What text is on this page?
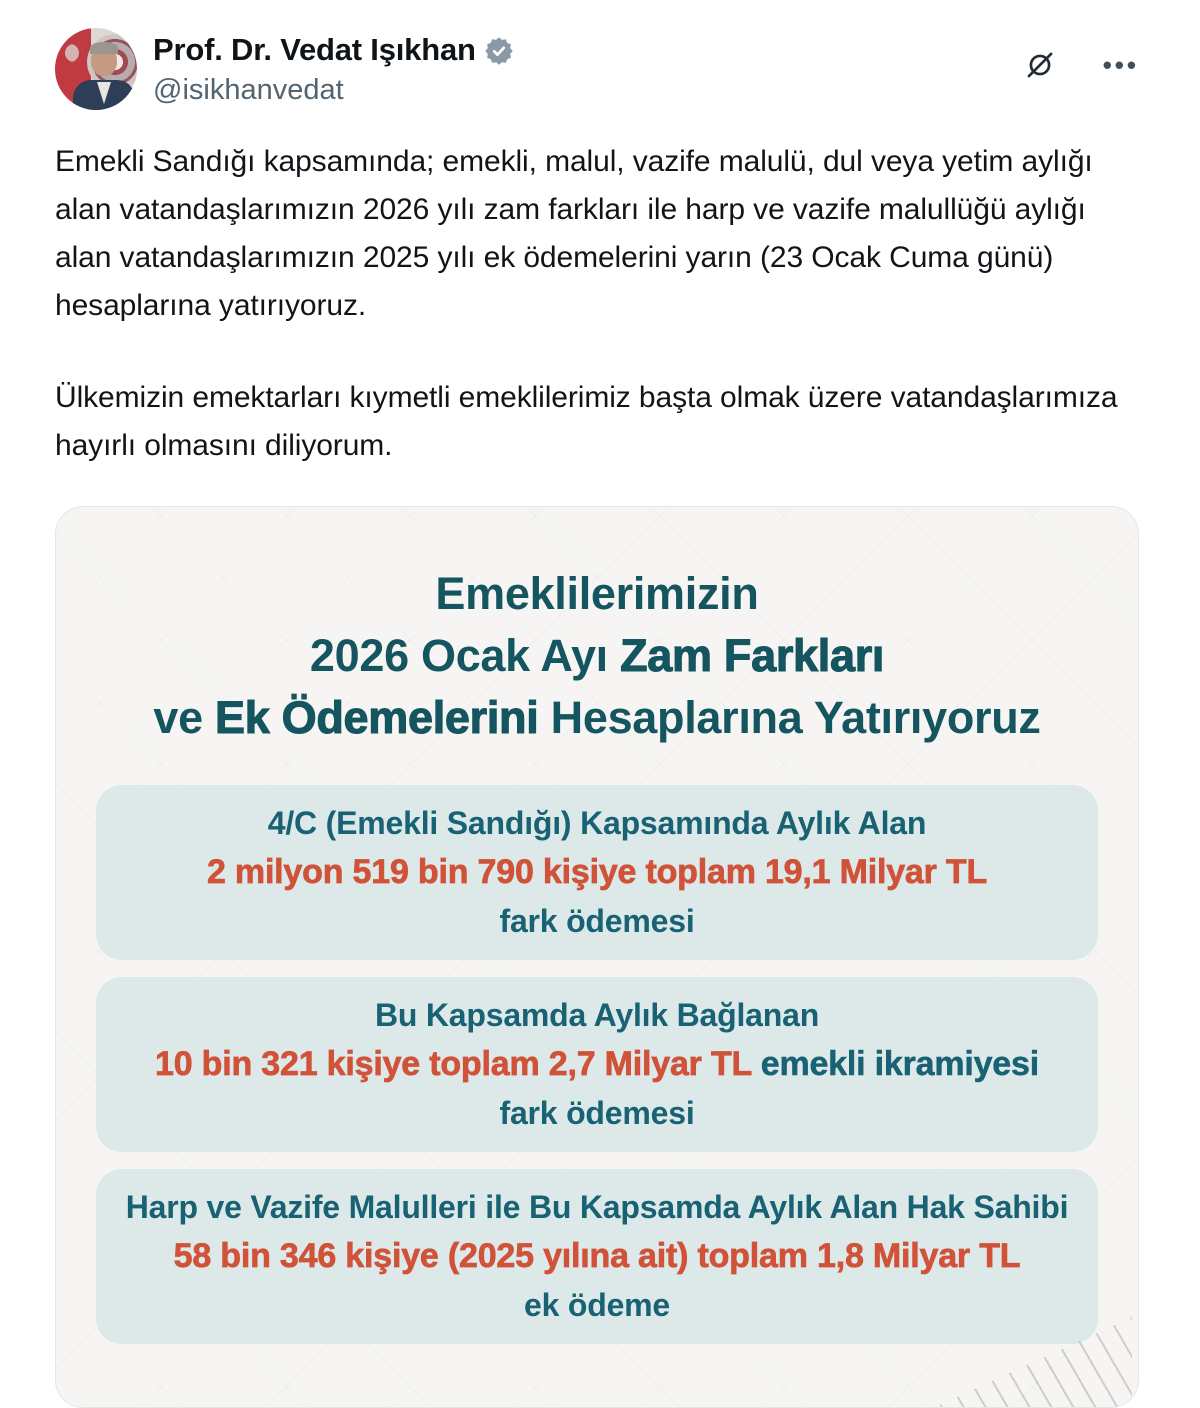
Prof. Dr. Vedat Işıkhan
@isikhanvedat
•••

Emekli Sandığı kapsamında; emekli, malul, vazife malulü, dul veya yetim aylığı alan vatandaşlarımızın 2026 yılı zam farkları ile harp ve vazife malullüğü aylığı alan vatandaşlarımızın 2025 yılı ek ödemelerini yarın (23 Ocak Cuma günü) hesaplarına yatırıyoruz.

Ülkemizin emektarları kıymetli emeklilerimiz başta olmak üzere vatandaşlarımıza hayırlı olmasını diliyorum.

Emeklilerimizin
2026 Ocak Ayı Zam Farkları
ve Ek Ödemelerini Hesaplarına Yatırıyoruz
4/C (Emekli Sandığı) Kapsamında Aylık Alan
2 milyon 519 bin 790 kişiye toplam 19,1 Milyar TL
fark ödemesi
Bu Kapsamda Aylık Bağlanan
10 bin 321 kişiye toplam 2,7 Milyar TL emekli ikramiyesi
fark ödemesi
Harp ve Vazife Malulleri ile Bu Kapsamda Aylık Alan Hak Sahibi
58 bin 346 kişiye (2025 yılına ait) toplam 1,8 Milyar TL
ek ödeme
